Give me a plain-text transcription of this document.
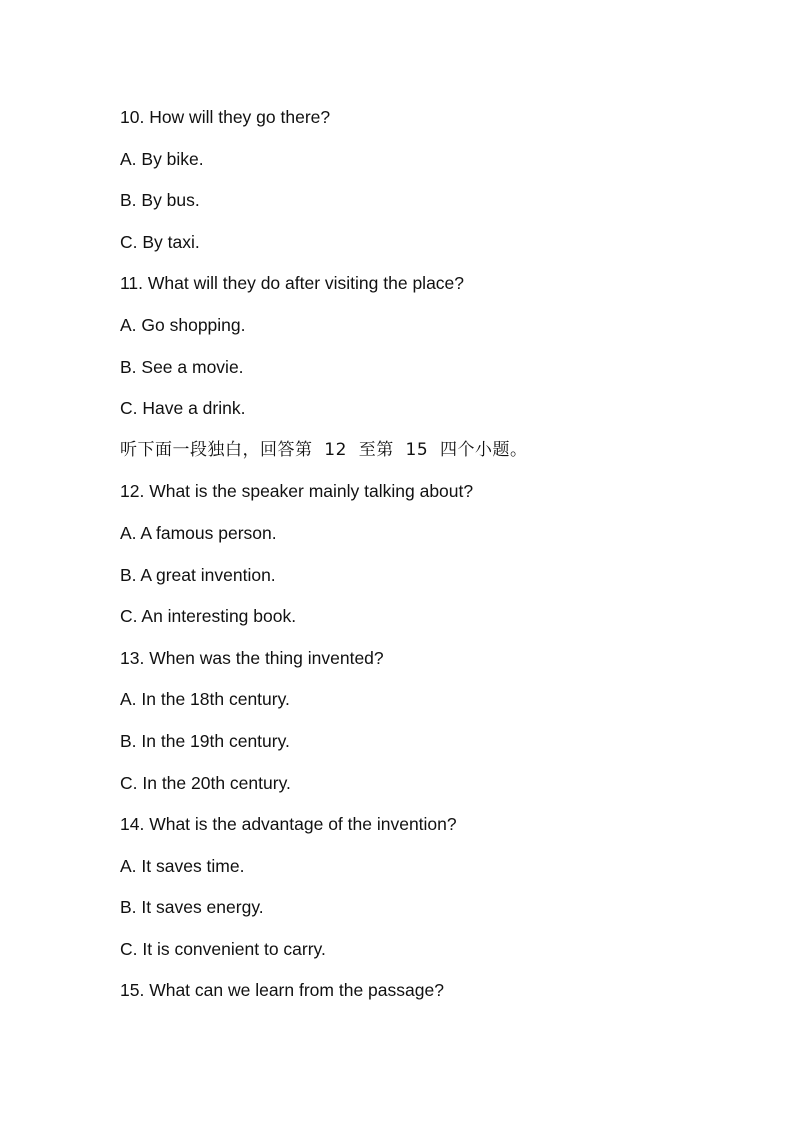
10. How will they go there?
A. By bike.
B. By bus.
C. By taxi.
11. What will they do after visiting the place?
A. Go shopping.
B. See a movie.
C. Have a drink.
听下面一段独白，回答第  12  至第  15  四个小题。
12. What is the speaker mainly talking about?
A. A famous person.
B. A great invention.
C. An interesting book.
13. When was the thing invented?
A. In the 18th century.
B. In the 19th century.
C. In the 20th century.
14. What is the advantage of the invention?
A. It saves time.
B. It saves energy.
C. It is convenient to carry.
15. What can we learn from the passage?
